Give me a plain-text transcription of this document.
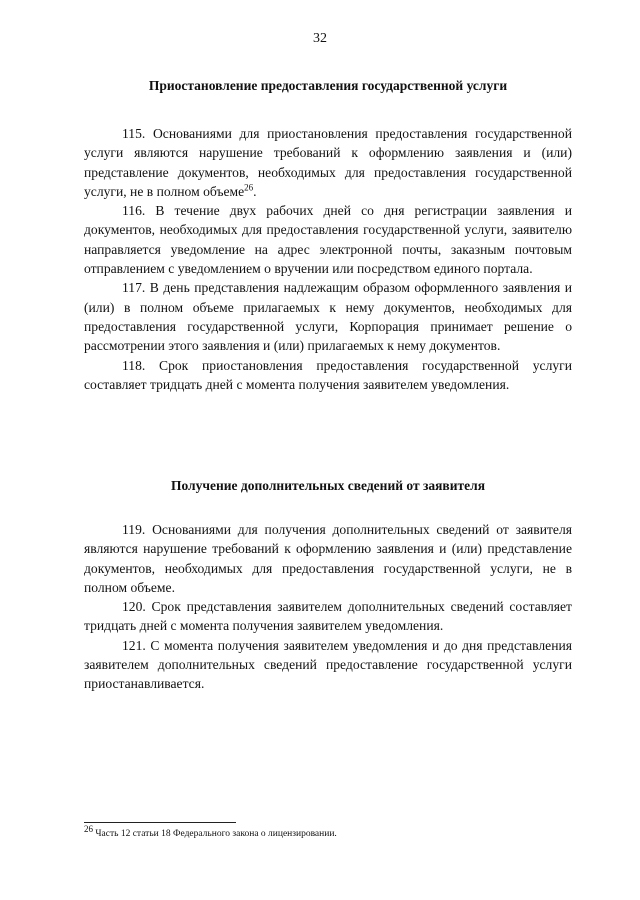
32
Приостановление предоставления государственной услуги

115. Основаниями для приостановления предоставления государственной услуги являются нарушение требований к оформлению заявления и (или) представление документов, необходимых для предоставления государственной услуги, не в полном объеме$^{26}$.

116. В течение двух рабочих дней со дня регистрации заявления и документов, необходимых для предоставления государственной услуги, заявителю направляется уведомление на адрес электронной почты, заказным почтовым отправлением с уведомлением о вручении или посредством единого портала.

117. В день представления надлежащим образом оформленного заявления и (или) в полном объеме прилагаемых к нему документов, необходимых для предоставления государственной услуги, Корпорация принимает решение о рассмотрении этого заявления и (или) прилагаемых к нему документов.

118. Срок приостановления предоставления государственной услуги составляет тридцать дней с момента получения заявителем уведомления.

Получение дополнительных сведений от заявителя

119. Основаниями для получения дополнительных сведений от заявителя являются нарушение требований к оформлению заявления и (или) представление документов, необходимых для предоставления государственной услуги, не в полном объеме.

120. Срок представления заявителем дополнительных сведений составляет тридцать дней с момента получения заявителем уведомления.

121. С момента получения заявителем уведомления и до дня представления заявителем дополнительных сведений предоставление государственной услуги приостанавливается.

$^{26}$ Часть 12 статьи 18 Федерального закона о лицензировании.
